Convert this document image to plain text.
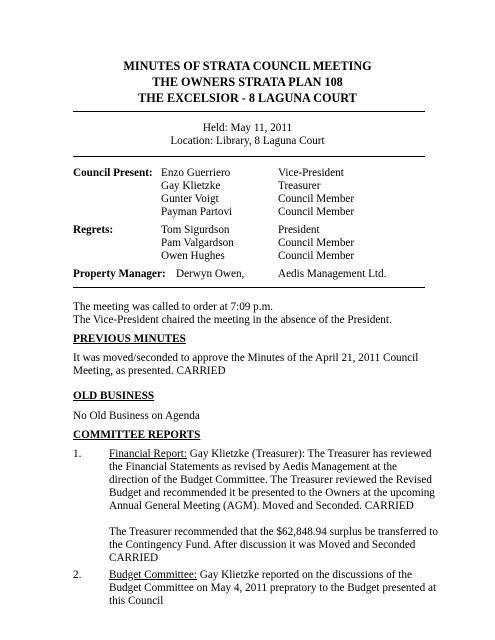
MINUTES OF STRATA COUNCIL MEETING
THE OWNERS STRATA PLAN 108
THE EXCELSIOR - 8 LAGUNA COURT
Held: May 11, 2011
Location: Library, 8 Laguna Court
Council Present: Enzo Guerriero	Vice-President
Gay Klietzke	Treasurer
Gunter Voigt	Council Member
Payman Partovi	Council Member
Regrets:	Tom Sigurdson	President
Pam Valgardson	Council Member
Owen Hughes	Council Member
Property Manager: Derwyn Owen,	Aedis Management Ltd.
The meeting was called to order at 7:09 p.m.
The Vice-President chaired the meeting in the absence of the President.
PREVIOUS MINUTES
It was moved/seconded to approve the Minutes of the April 21, 2011 Council Meeting, as presented. CARRIED
OLD BUSINESS
No Old Business on Agenda
COMMITTEE REPORTS
1. Financial Report: Gay Klietzke (Treasurer): The Treasurer has reviewed the Financial Statements as revised by Aedis Management at the direction of the Budget Committee. The Treasurer reviewed the Revised Budget and recommended it be presented to the Owners at the upcoming Annual General Meeting (AGM). Moved and Seconded. CARRIED
The Treasurer recommended that the $62,848.94 surplus be transferred to the Contingency Fund. After discussion it was Moved and Seconded CARRIED
2. Budget Committee: Gay Klietzke reported on the discussions of the Budget Committee on May 4, 2011 prepratory to the Budget presented at this Council
